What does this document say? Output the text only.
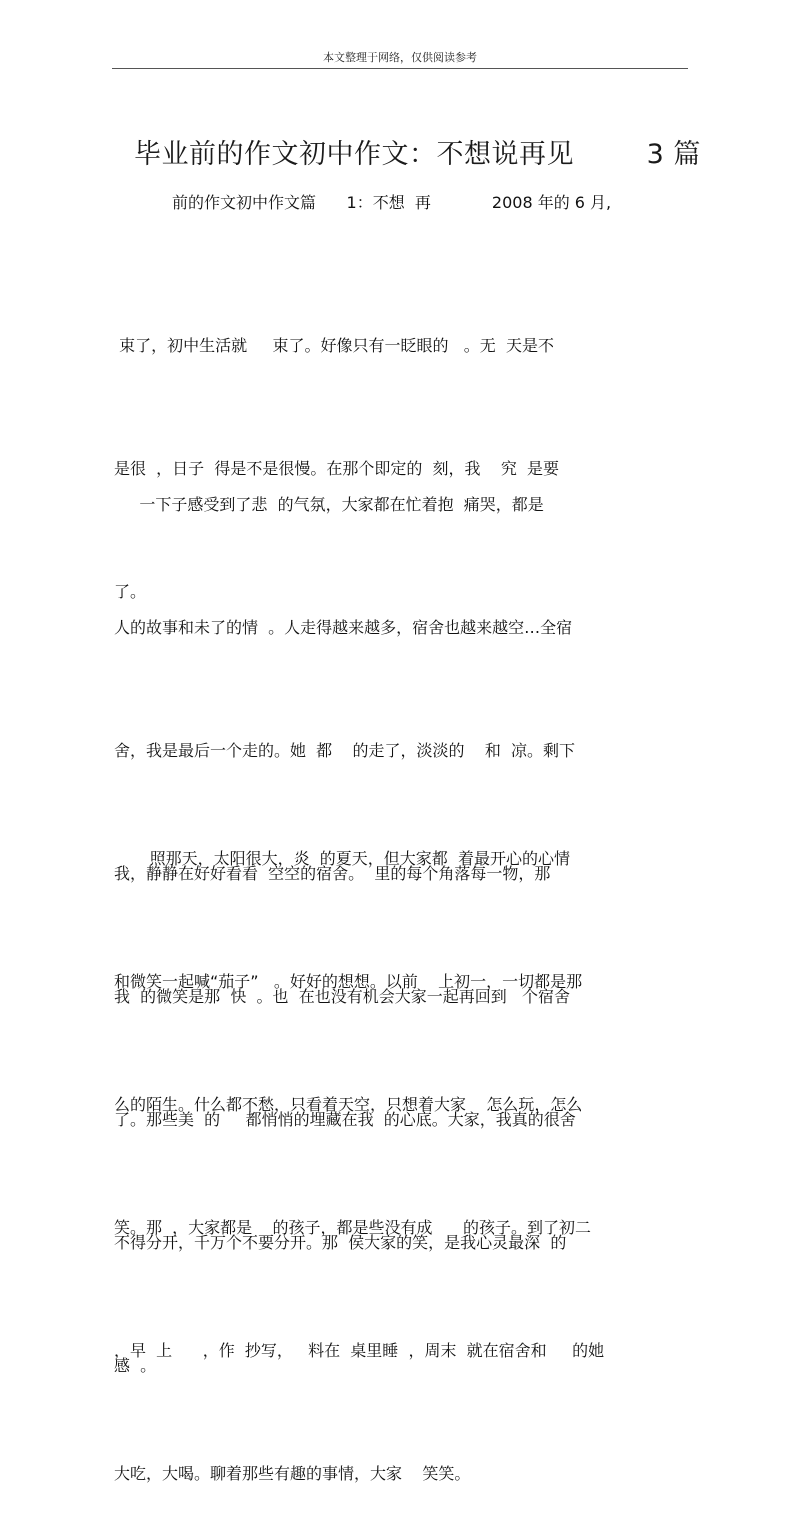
本文整理于网络，仅供阅读参考
毕业前的作文初中作文：不想说再见        3 篇
前的作文初中作文篇      1：不想  再            2008 年的 6 月,

束了，初中生活就     束了。好像只有一眨眼的   。无  天是不

是很  ，日子  得是不是很慢。在那个即定的  刻，我    究  是要

了。

一下子感受到了悲  的气氛，大家都在忙着抱  痛哭，都是

人的故事和未了的情  。人走得越来越多，宿舍也越来越空…全宿

舍，我是最后一个走的。她  都    的走了，淡淡的    和  凉。剩下

我，静静在好好看看  空空的宿舍。  里的每个角落每一物，那

我  的微笑是那  快  。也  在也没有机会大家一起再回到   个宿舍

了。那些美  的     都悄悄的埋藏在我  的心底。大家，我真的很舍

不得分开，千万个不要分开。那  侯大家的笑，是我心灵最深  的

感  。

照那天，太阳很大，炎  的夏天，但大家都  着最开心的心情

和微笑一起喊“茄子”   。好好的想想。以前    上初一，一切都是那

么的陌生。什么都不愁，只看着天空，只想着大家    怎么玩，怎么

笑。那  ，大家都是    的孩子，都是些没有成      的孩子。到了初二

，早  上      ，作  抄写，   料在  桌里睡  ，周末  就在宿舍和     的她

大吃，大喝。聊着那些有趣的事情，大家    笑笑。
